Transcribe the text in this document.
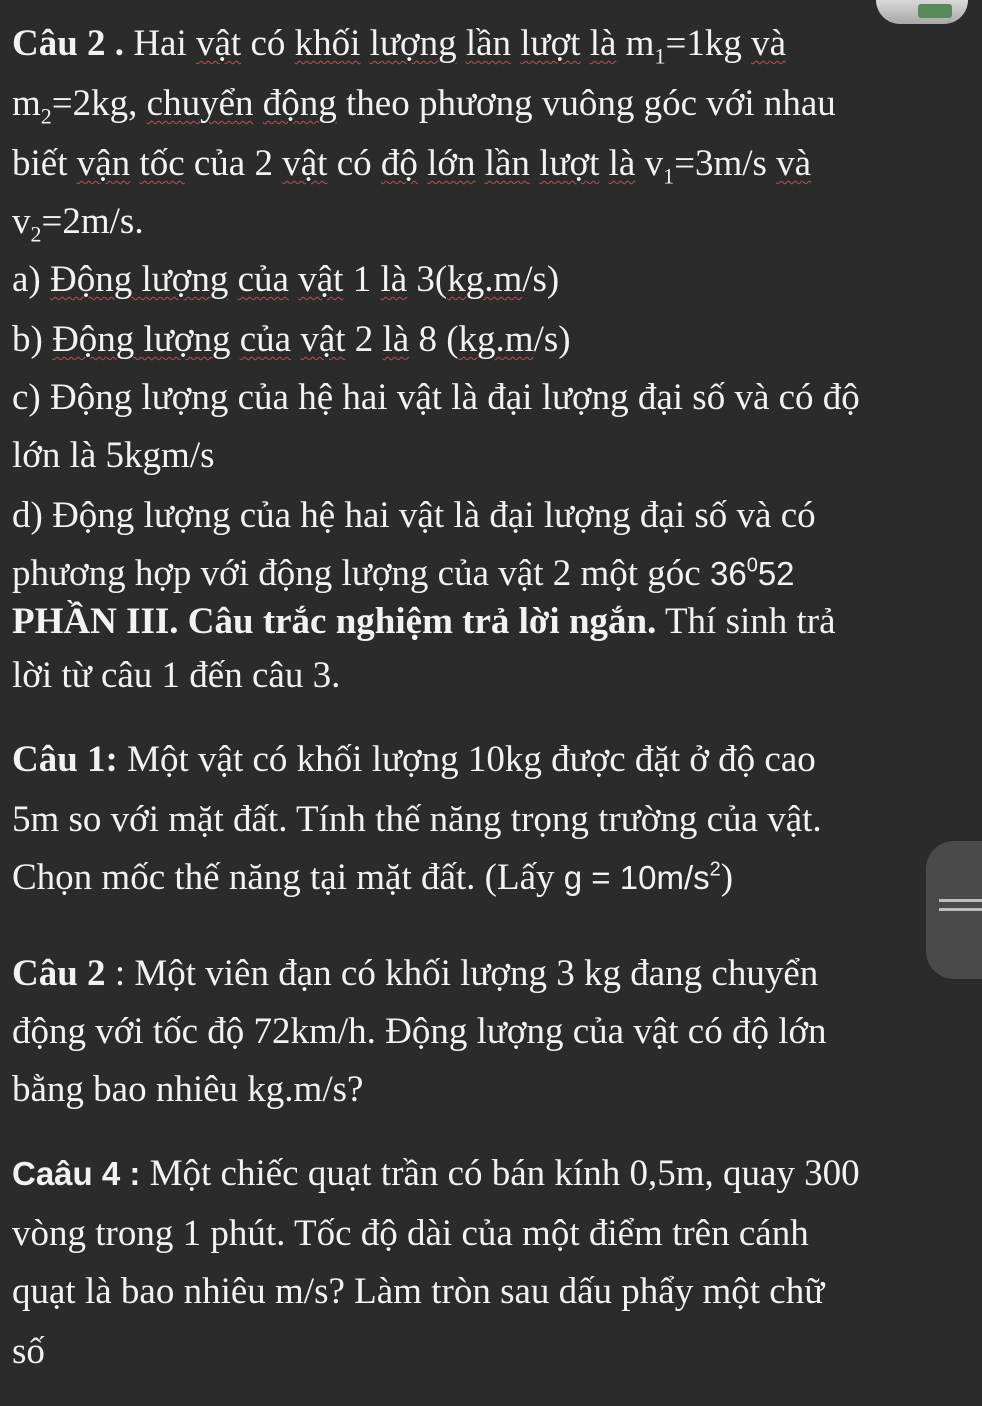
Câu 2 . Hai vật có khối lượng lần lượt là $m_1=1kg$ và
$m_2=2kg$, chuyển động theo phương vuông góc với nhau
biết vận tốc của 2 vật có độ lớn lần lượt là $v_1=3m/s$ và
$v_2=2m/s$.
a) Động lượng của vật 1 là 3(kg.m/s)
b) Động lượng của vật 2 là 8 (kg.m/s)
c) Động lượng của hệ hai vật là đại lượng đại số và có độ
lớn là 5kgm/s
d) Động lượng của hệ hai vật là đại lượng đại số và có
phương hợp với động lượng của vật 2 một góc $36^052$
PHẦN III. Câu trắc nghiệm trả lời ngắn. Thí sinh trả
lời từ câu 1 đến câu 3.
Câu 1: Một vật có khối lượng 10kg được đặt ở độ cao
5m so với mặt đất. Tính thế năng trọng trường của vật.
Chọn mốc thế năng tại mặt đất. (Lấy $g = 10m/s^2$)
Câu 2 : Một viên đạn có khối lượng 3 kg đang chuyển
động với tốc độ 72km/h. Động lượng của vật có độ lớn
bằng bao nhiêu kg.m/s?
Caâu 4 : Một chiếc quạt trần có bán kính 0,5m, quay 300
vòng trong 1 phút. Tốc độ dài của một điểm trên cánh
quạt là bao nhiêu m/s? Làm tròn sau dấu phẩy một chữ
số
